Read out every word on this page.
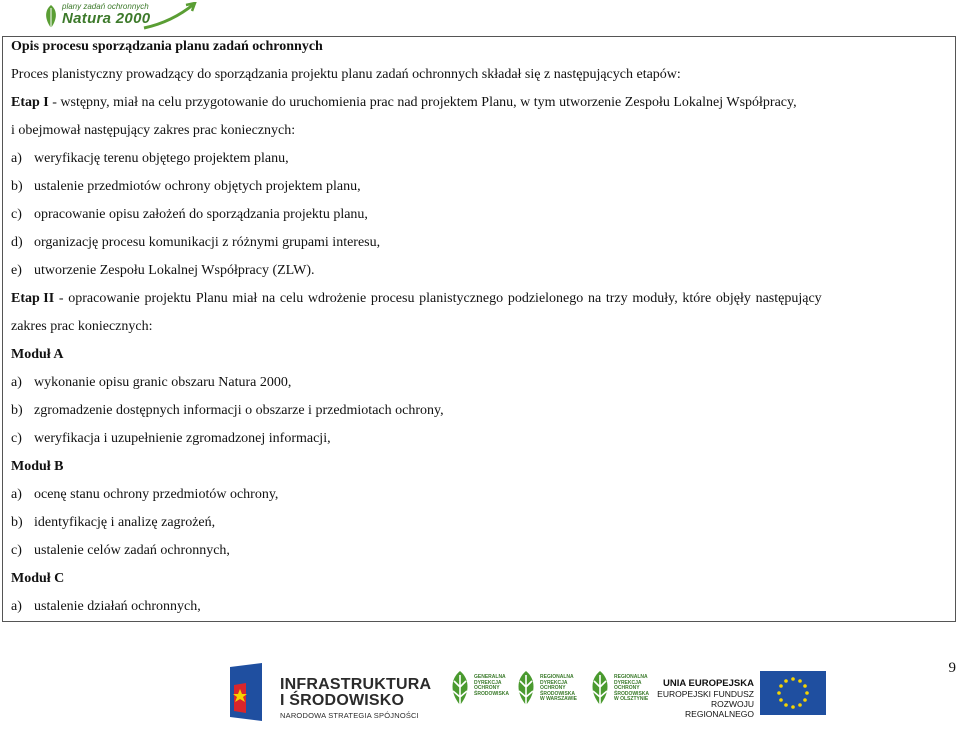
plany zadań ochronnych
Natura 2000
Opis procesu sporządzania planu zadań ochronnych
Proces planistyczny prowadzący do sporządzania projektu planu zadań ochronnych składał się z następujących etapów:
Etap I - wstępny, miał na celu przygotowanie do uruchomienia prac nad projektem Planu, w tym utworzenie Zespołu Lokalnej Współpracy,
i obejmował następujący zakres prac koniecznych:
a) weryfikację terenu objętego projektem planu,
b) ustalenie przedmiotów ochrony objętych projektem planu,
c) opracowanie opisu założeń do sporządzania projektu planu,
d) organizację procesu komunikacji z różnymi grupami interesu,
e) utworzenie Zespołu Lokalnej Współpracy (ZLW).
Etap II - opracowanie projektu Planu miał na celu wdrożenie procesu planistycznego podzielonego na trzy moduły, które objęły następujący
zakres prac koniecznych:
Moduł A
a) wykonanie opisu granic obszaru Natura 2000,
b) zgromadzenie dostępnych informacji o obszarze i przedmiotach ochrony,
c) weryfikacja i uzupełnienie zgromadzonej informacji,
Moduł B
a) ocenę stanu ochrony przedmiotów ochrony,
b) identyfikację i analizę zagrożeń,
c) ustalenie celów zadań ochronnych,
Moduł C
a) ustalenie działań ochronnych,
9
INFRASTRUKTURA
I ŚRODOWISKO
NARODOWA STRATEGIA SPÓJNOŚCI
GENERALNA
DYREKCJA
OCHRONY
ŚRODOWISKA
REGIONALNA
DYREKCJA
OCHRONY
ŚRODOWISKA
W WARSZAWIE
REGIONALNA
DYREKCJA
OCHRONY
ŚRODOWISKA
W OLSZTYNIE
UNIA EUROPEJSKA
EUROPEJSKI FUNDUSZ
ROZWOJU REGIONALNEGO
